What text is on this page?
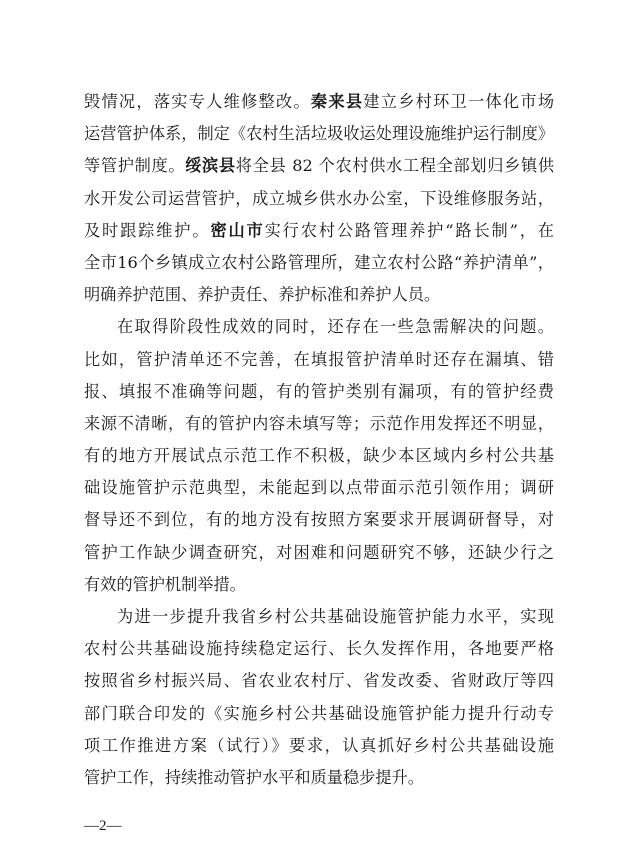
毁情况，落实专人维修整改。秦来县建立乡村环卫一体化市场
运营管护体系，制定《农村生活垃圾收运处理设施维护运行制度》
等管护制度。绥滨县将全县 82 个农村供水工程全部划归乡镇供
水开发公司运营管护，成立城乡供水办公室，下设维修服务站，
及时跟踪维护。密山市实行农村公路管理养护“路长制”，在
全市16个乡镇成立农村公路管理所，建立农村公路“养护清单”，
明确养护范围、养护责任、养护标准和养护人员。
在取得阶段性成效的同时，还存在一些急需解决的问题。
比如，管护清单还不完善，在填报管护清单时还存在漏填、错
报、填报不准确等问题，有的管护类别有漏项，有的管护经费
来源不清晰，有的管护内容未填写等；示范作用发挥还不明显，
有的地方开展试点示范工作不积极，缺少本区域内乡村公共基
础设施管护示范典型，未能起到以点带面示范引领作用；调研
督导还不到位，有的地方没有按照方案要求开展调研督导，对
管护工作缺少调查研究，对困难和问题研究不够，还缺少行之
有效的管护机制举措。
为进一步提升我省乡村公共基础设施管护能力水平，实现
农村公共基础设施持续稳定运行、长久发挥作用，各地要严格
按照省乡村振兴局、省农业农村厅、省发改委、省财政厅等四
部门联合印发的《实施乡村公共基础设施管护能力提升行动专
项工作推进方案（试行）》要求，认真抓好乡村公共基础设施
管护工作，持续推动管护水平和质量稳步提升。
—2—
